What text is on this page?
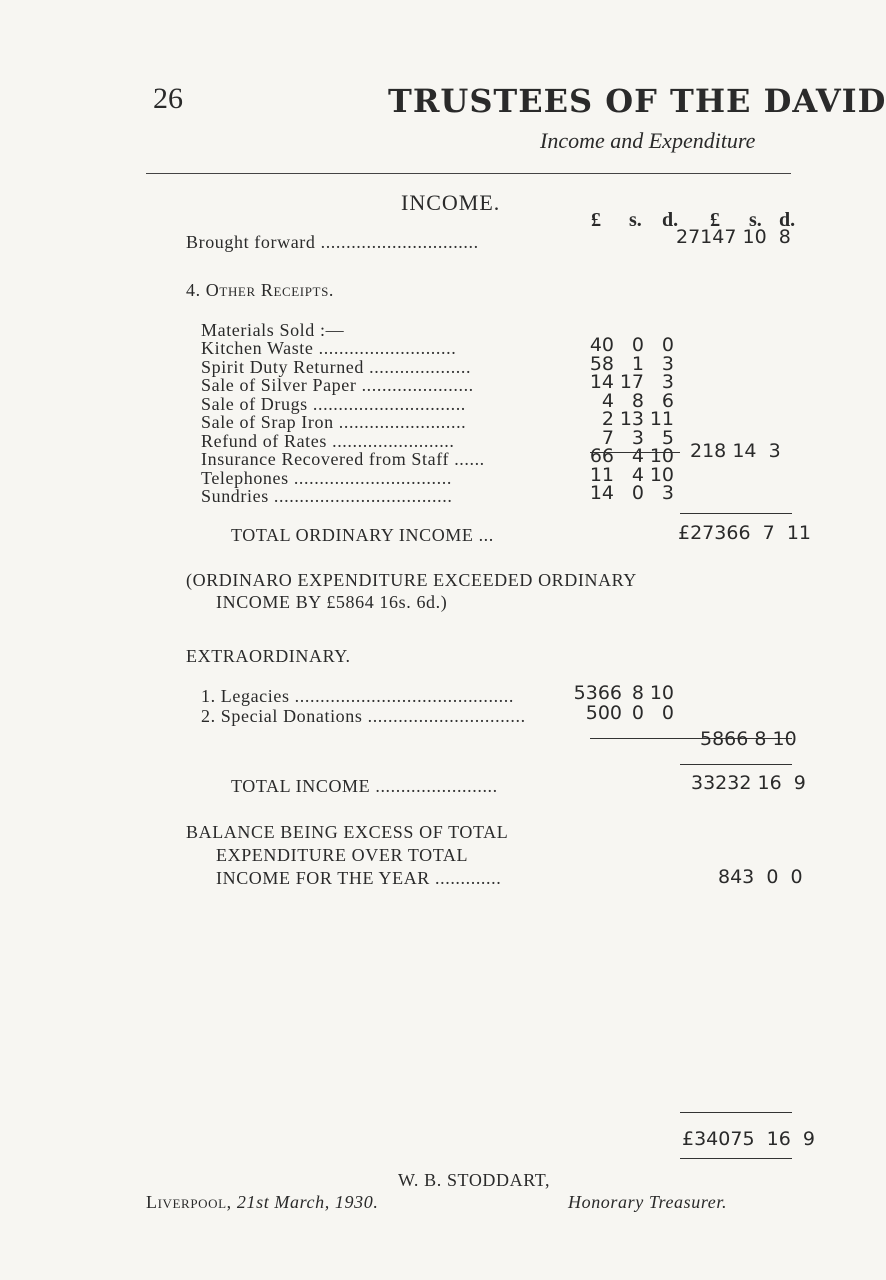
26	TRUSTEES OF THE DAVID
Income and Expenditure
INCOME.
£ s. d. £ s. d.
Brought forward ...............................	27147 10 8
4. Other Receipts.
Materials Sold :—
Kitchen Waste ...........................	40 0 0
Spirit Duty Returned ....................	58 1 3
Sale of Silver Paper ......................	14 17 3
Sale of Drugs ..............................	4 8 6
Sale of Srap Iron .........................	2 13 11
Refund of Rates ........................	7 3 5
Insurance Recovered from Staff ......	66 4 10
Telephones ...............................	11 4 10
Sundries ...................................	14 0 3
218 14 3
TOTAL ORDINARY INCOME ...	£27366 7 11
(ORDINARO EXPENDITURE EXCEEDED ORDINARY
INCOME BY £5864 16s. 6d.)
EXTRAORDINARY.
1. Legacies ...........................................	5366 8 10
2. Special Donations ...............................	500 0 0
5866 8 10
TOTAL INCOME ........................	33232 16 9
BALANCE BEING EXCESS OF TOTAL
EXPENDITURE OVER TOTAL
INCOME FOR THE YEAR .............	843 0 0
£34075 16 9
W. B. STODDART,
Liverpool, 21st March, 1930.	Honorary Treasurer.
